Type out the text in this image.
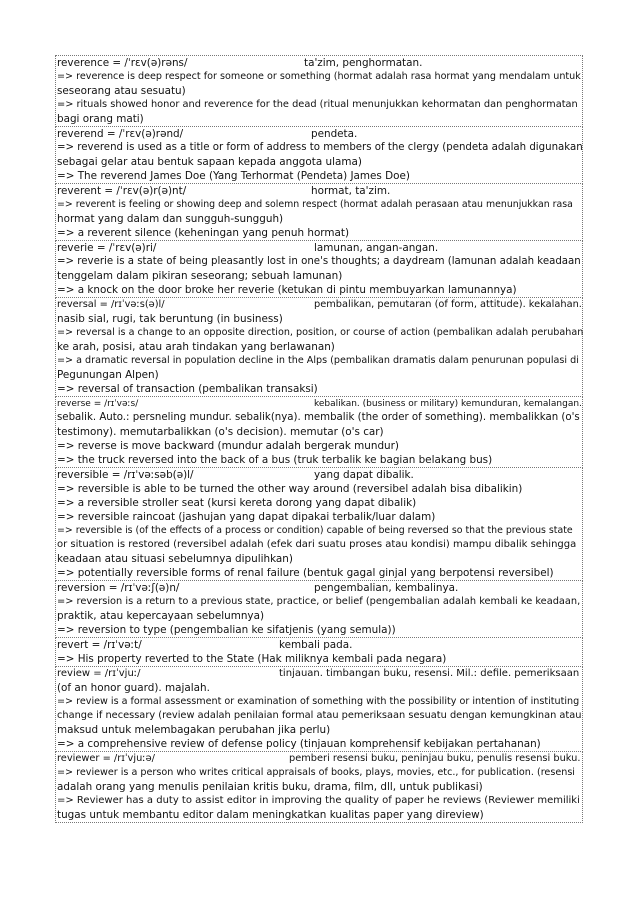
reverence = /ˈrɛv(ə)rəns/	ta'zim, penghormatan.
=> reverence is deep respect for someone or something (hormat adalah rasa hormat yang mendalam untuk
seseorang atau sesuatu)
=> rituals showed honor and reverence for the dead (ritual menunjukkan kehormatan dan penghormatan
bagi orang mati)
reverend = /ˈrɛv(ə)rənd/	pendeta.
=> reverend is used as a title or form of address to members of the clergy (pendeta adalah digunakan
sebagai gelar atau bentuk sapaan kepada anggota ulama)
=> The reverend James Doe (Yang Terhormat (Pendeta) James Doe)
reverent = /ˈrɛv(ə)r(ə)nt/	hormat, ta'zim.
=> reverent is feeling or showing deep and solemn respect (hormat adalah perasaan atau menunjukkan rasa
hormat yang dalam dan sungguh-sungguh)
=> a reverent silence (keheningan yang penuh hormat)
reverie = /ˈrɛv(ə)ri/	lamunan, angan-angan.
=> reverie is a state of being pleasantly lost in one's thoughts; a daydream (lamunan adalah keadaan
tenggelam dalam pikiran seseorang; sebuah lamunan)
=> a knock on the door broke her reverie (ketukan di pintu membuyarkan lamunannya)
reversal = /rɪˈvəːs(ə)l/	pembalikan, pemutaran (of form, attitude). kekalahan.
nasib sial, rugi, tak beruntung (in business)
=> reversal is a change to an opposite direction, position, or course of action (pembalikan adalah perubahan
ke arah, posisi, atau arah tindakan yang berlawanan)
=> a dramatic reversal in population decline in the Alps (pembalikan dramatis dalam penurunan populasi di
Pegunungan Alpen)
=> reversal of transaction (pembalikan transaksi)
reverse = /rɪˈvəːs/	kebalikan. (business or military) kemunduran, kemalangan.
sebalik. Auto.: persneling mundur. sebalik(nya). membalik (the order of something). membalikkan (o's
testimony). memutarbalikkan (o's decision). memutar (o's car)
=> reverse is move backward (mundur adalah bergerak mundur)
=> the truck reversed into the back of a bus (truk terbalik ke bagian belakang bus)
reversible = /rɪˈvəːsəb(ə)l/	yang dapat dibalik.
=> reversible is able to be turned the other way around (reversibel adalah bisa dibalikin)
=> a reversible stroller seat (kursi kereta dorong yang dapat dibalik)
=> reversible raincoat (jashujan yang dapat dipakai terbalik/luar dalam)
=> reversible is (of the effects of a process or condition) capable of being reversed so that the previous state
or situation is restored (reversibel adalah (efek dari suatu proses atau kondisi) mampu dibalik sehingga
keadaan atau situasi sebelumnya dipulihkan)
=> potentially reversible forms of renal failure (bentuk gagal ginjal yang berpotensi reversibel)
reversion = /rɪˈvəːʃ(ə)n/	pengembalian, kembalinya.
=> reversion is a return to a previous state, practice, or belief (pengembalian adalah kembali ke keadaan,
praktik, atau kepercayaan sebelumnya)
=> reversion to type (pengembalian ke sifatjenis (yang semula))
revert = /rɪˈvəːt/	kembali pada.
=> His property reverted to the State (Hak miliknya kembali pada negara)
review = /rɪˈvjuː/	tinjauan. timbangan buku, resensi. Mil.: defile. pemeriksaan
(of an honor guard). majalah.
=> review is a formal assessment or examination of something with the possibility or intention of instituting
change if necessary (review adalah penilaian formal atau pemeriksaan sesuatu dengan kemungkinan atau
maksud untuk melembagakan perubahan jika perlu)
=> a comprehensive review of defense policy (tinjauan komprehensif kebijakan pertahanan)
reviewer = /rɪˈvjuːə/	pemberi resensi buku, peninjau buku, penulis resensi buku.
=> reviewer is a person who writes critical appraisals of books, plays, movies, etc., for publication. (resensi
adalah orang yang menulis penilaian kritis buku, drama, film, dll, untuk publikasi)
=> Reviewer has a duty to assist editor in improving the quality of paper he reviews (Reviewer memiliki
tugas untuk membantu editor dalam meningkatkan kualitas paper yang direview)
